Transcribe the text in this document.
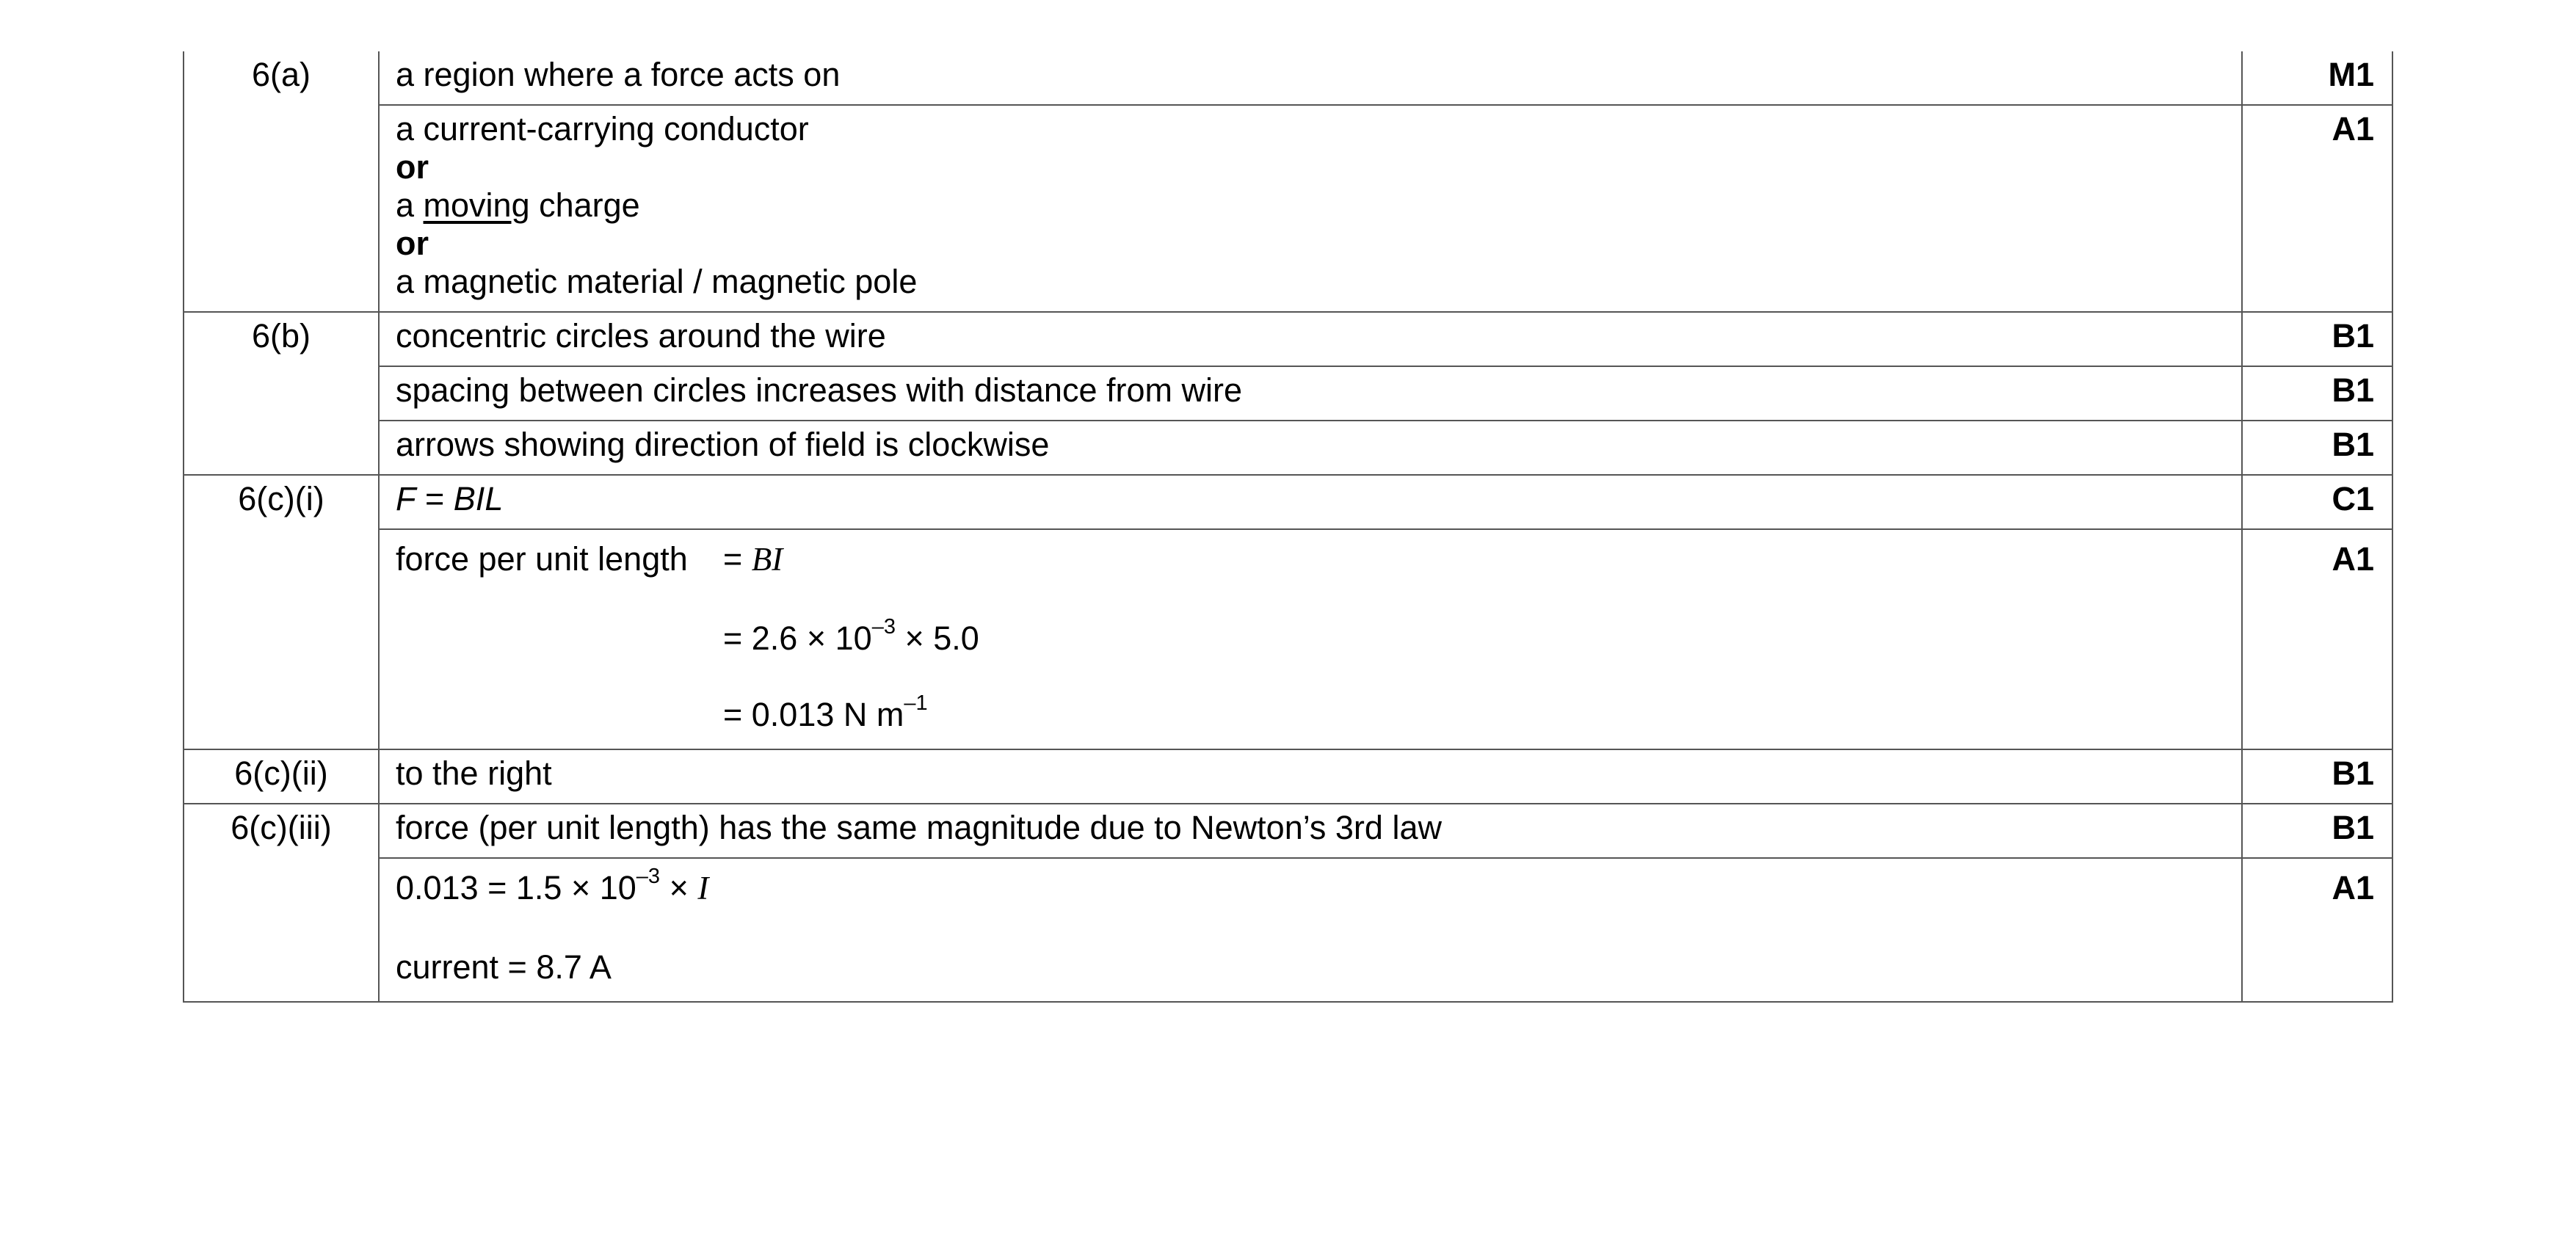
6(a)	a region where a force acts on	M1

	a current-carrying conductor
or
a moving charge
or
a magnetic material / magnetic pole	A1
6(b)	concentric circles around the wire	B1
	spacing between circles increases with distance from wire	B1
	arrows showing direction of field is clockwise	B1
6(c)(i)	F = BIL	C1

	force per unit length = BI
= $2.6 \times 10^{-3} \times 5.0$
= 0.013 N $m^{-1}$	A1
6(c)(ii)	to the right	B1
6(c)(iii)	force (per unit length) has the same magnitude due to Newton’s 3rd law	B1

	$0.013 = 1.5 \times 10^{-3} \times I$
current = 8.7 A	A1
